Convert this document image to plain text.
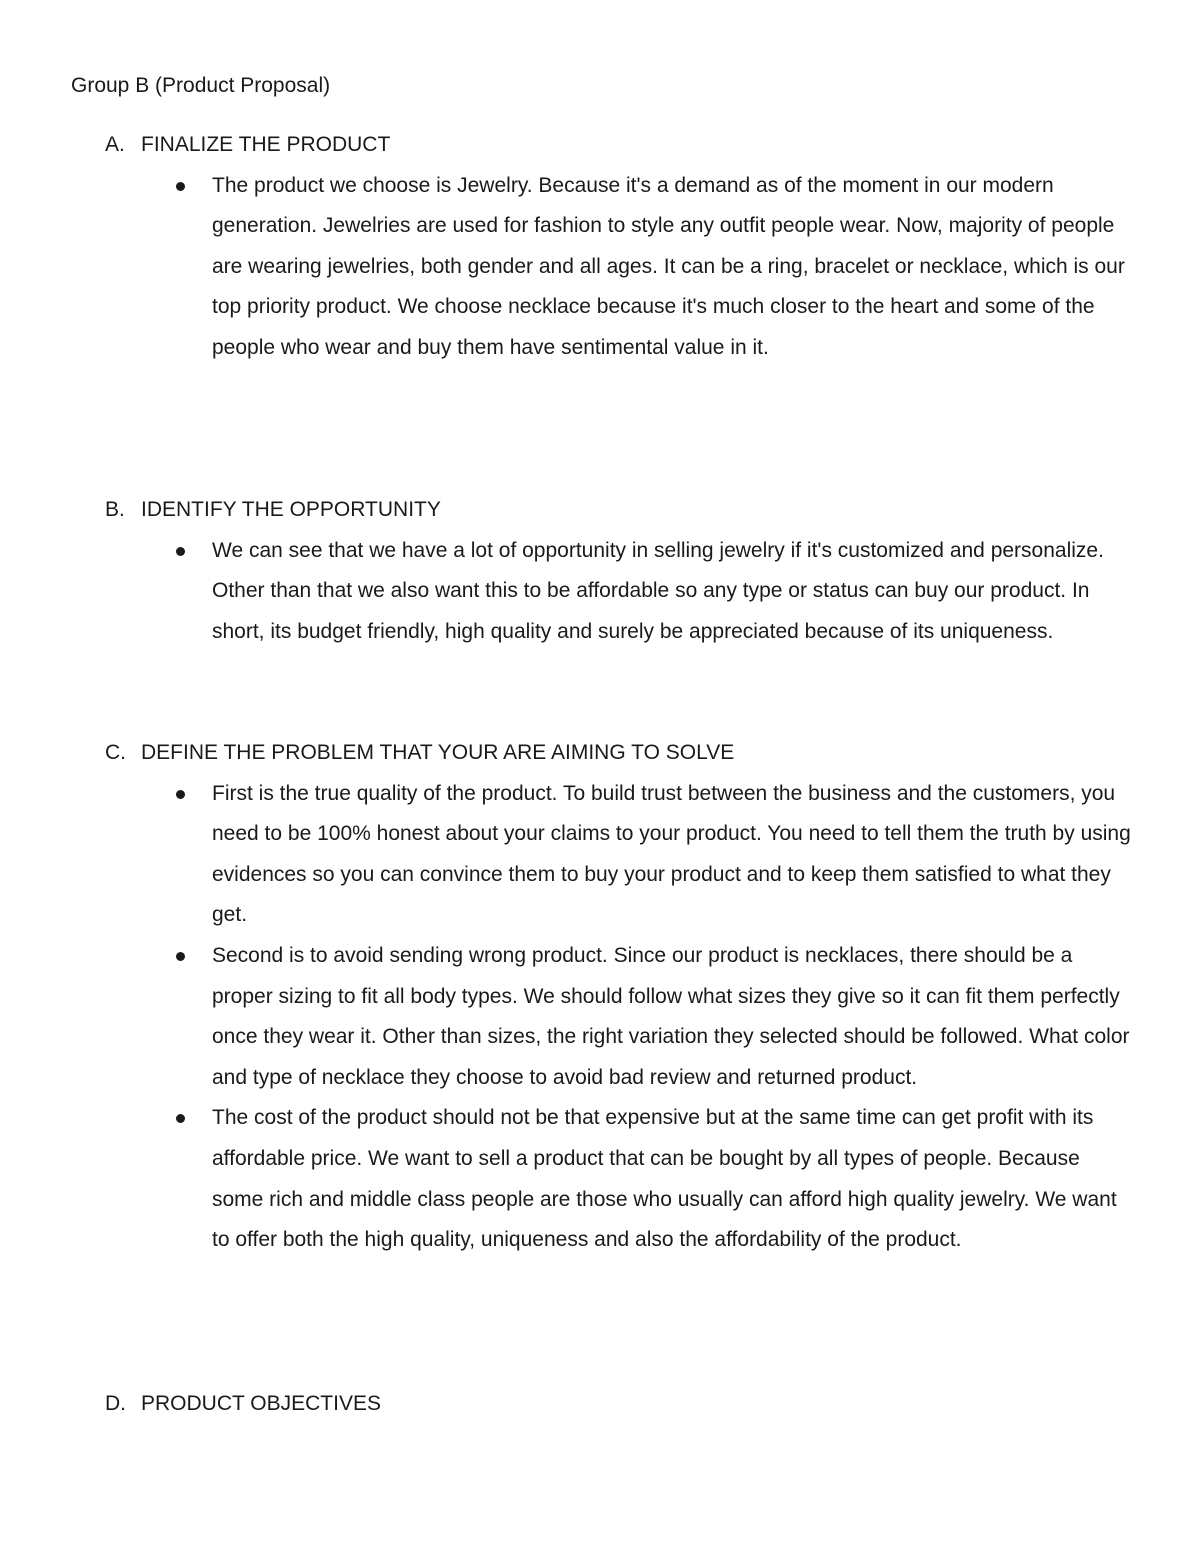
Group B (Product Proposal)
A. FINALIZE THE PRODUCT
The product we choose is Jewelry. Because it's a demand as of the moment in our modern generation. Jewelries are used for fashion to style any outfit people wear. Now, majority of people are wearing jewelries, both gender and all ages. It can be a ring, bracelet or necklace, which is our top priority product. We choose necklace because it's much closer to the heart and some of the people who wear and buy them have sentimental value in it.
B. IDENTIFY THE OPPORTUNITY
We can see that we have a lot of opportunity in selling jewelry if it's customized and personalize. Other than that we also want this to be affordable so any type or status can buy our product. In short, its budget friendly, high quality and surely be appreciated because of its uniqueness.
C. DEFINE THE PROBLEM THAT YOUR ARE AIMING TO SOLVE
First is the true quality of the product. To build trust between the business and the customers, you need to be 100% honest about your claims to your product. You need to tell them the truth by using evidences so you can convince them to buy your product and to keep them satisfied to what they get.
Second is to avoid sending wrong product. Since our product is necklaces, there should be a proper sizing to fit all body types. We should follow what sizes they give so it can fit them perfectly once they wear it. Other than sizes, the right variation they selected should be followed. What color and type of necklace they choose to avoid bad review and returned product.
The cost of the product should not be that expensive but at the same time can get profit with its affordable price. We want to sell a product that can be bought by all types of people. Because some rich and middle class people are those who usually can afford high quality jewelry. We want to offer both the high quality, uniqueness and also the affordability of the product.
D. PRODUCT OBJECTIVES
